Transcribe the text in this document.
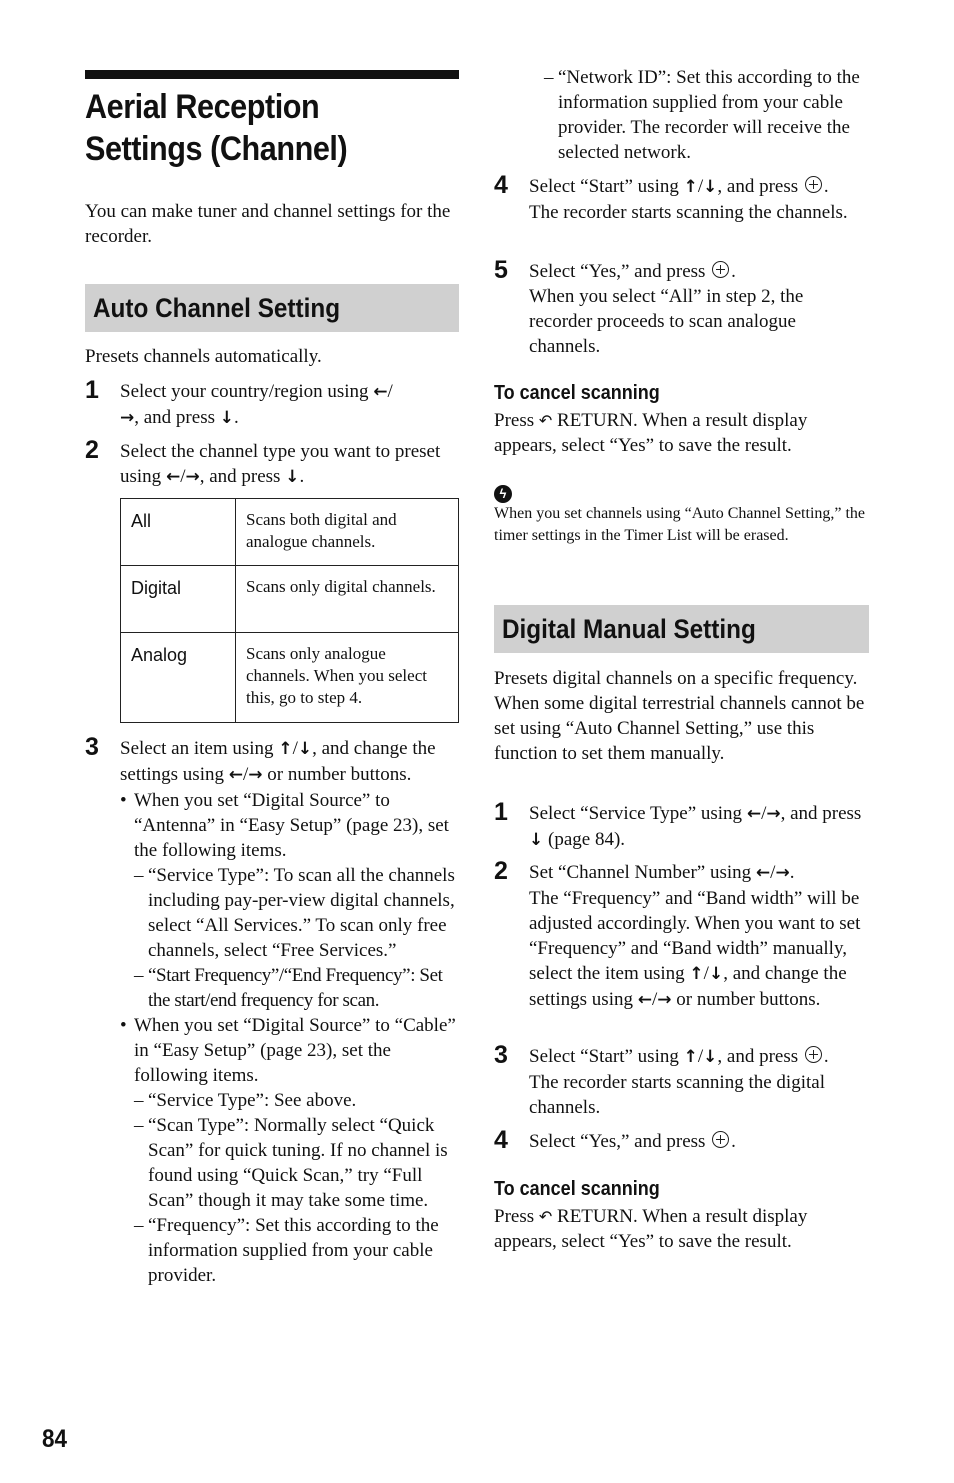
Aerial Reception
Settings (Channel)
You can make tuner and channel settings for the recorder.
Auto Channel Setting
Presets channels automatically.
1 Select your country/region using ←/
→, and press ↓.
2 Select the channel type you want to preset using ←/→, and press ↓.
All	Scans both digital and analogue channels.
Digital	Scans only digital channels.
Analog	Scans only analogue channels. When you select this, go to step 4.
3 Select an item using ↑/↓, and change the settings using ←/→ or number buttons.
• When you set “Digital Source” to “Antenna” in “Easy Setup” (page 23), set the following items.
– “Service Type”: To scan all the channels including pay-per-view digital channels, select “All Services.” To scan only free channels, select “Free Services.”
– “Start Frequency”/“End Frequency”: Set the start/end frequency for scan.
• When you set “Digital Source” to “Cable” in “Easy Setup” (page 23), set the following items.
– “Service Type”: See above.
– “Scan Type”: Normally select “Quick Scan” for quick tuning. If no channel is found using “Quick Scan,” try “Full Scan” though it may take some time.
– “Frequency”: Set this according to the information supplied from your cable provider.
– “Network ID”: Set this according to the information supplied from your cable provider. The recorder will receive the selected network.
4 Select “Start” using ↑/↓, and press .
The recorder starts scanning the channels.
5 Select “Yes,” and press .
When you select “All” in step 2, the recorder proceeds to scan analogue channels.
To cancel scanning
Press ↶ RETURN. When a result display appears, select “Yes” to save the result.
ϟ
When you set channels using “Auto Channel Setting,” the timer settings in the Timer List will be erased.
Digital Manual Setting
Presets digital channels on a specific frequency.
When some digital terrestrial channels cannot be set using “Auto Channel Setting,” use this function to set them manually.
1 Select “Service Type” using ←/→, and press ↓ (page 84).
2 Set “Channel Number” using ←/→.
The “Frequency” and “Band width” will be adjusted accordingly. When you want to set “Frequency” and “Band width” manually, select the item using ↑/↓, and change the settings using ←/→ or number buttons.
3 Select “Start” using ↑/↓, and press .
The recorder starts scanning the digital channels.
4 Select “Yes,” and press .
To cancel scanning
Press ↶ RETURN. When a result display appears, select “Yes” to save the result.
84
